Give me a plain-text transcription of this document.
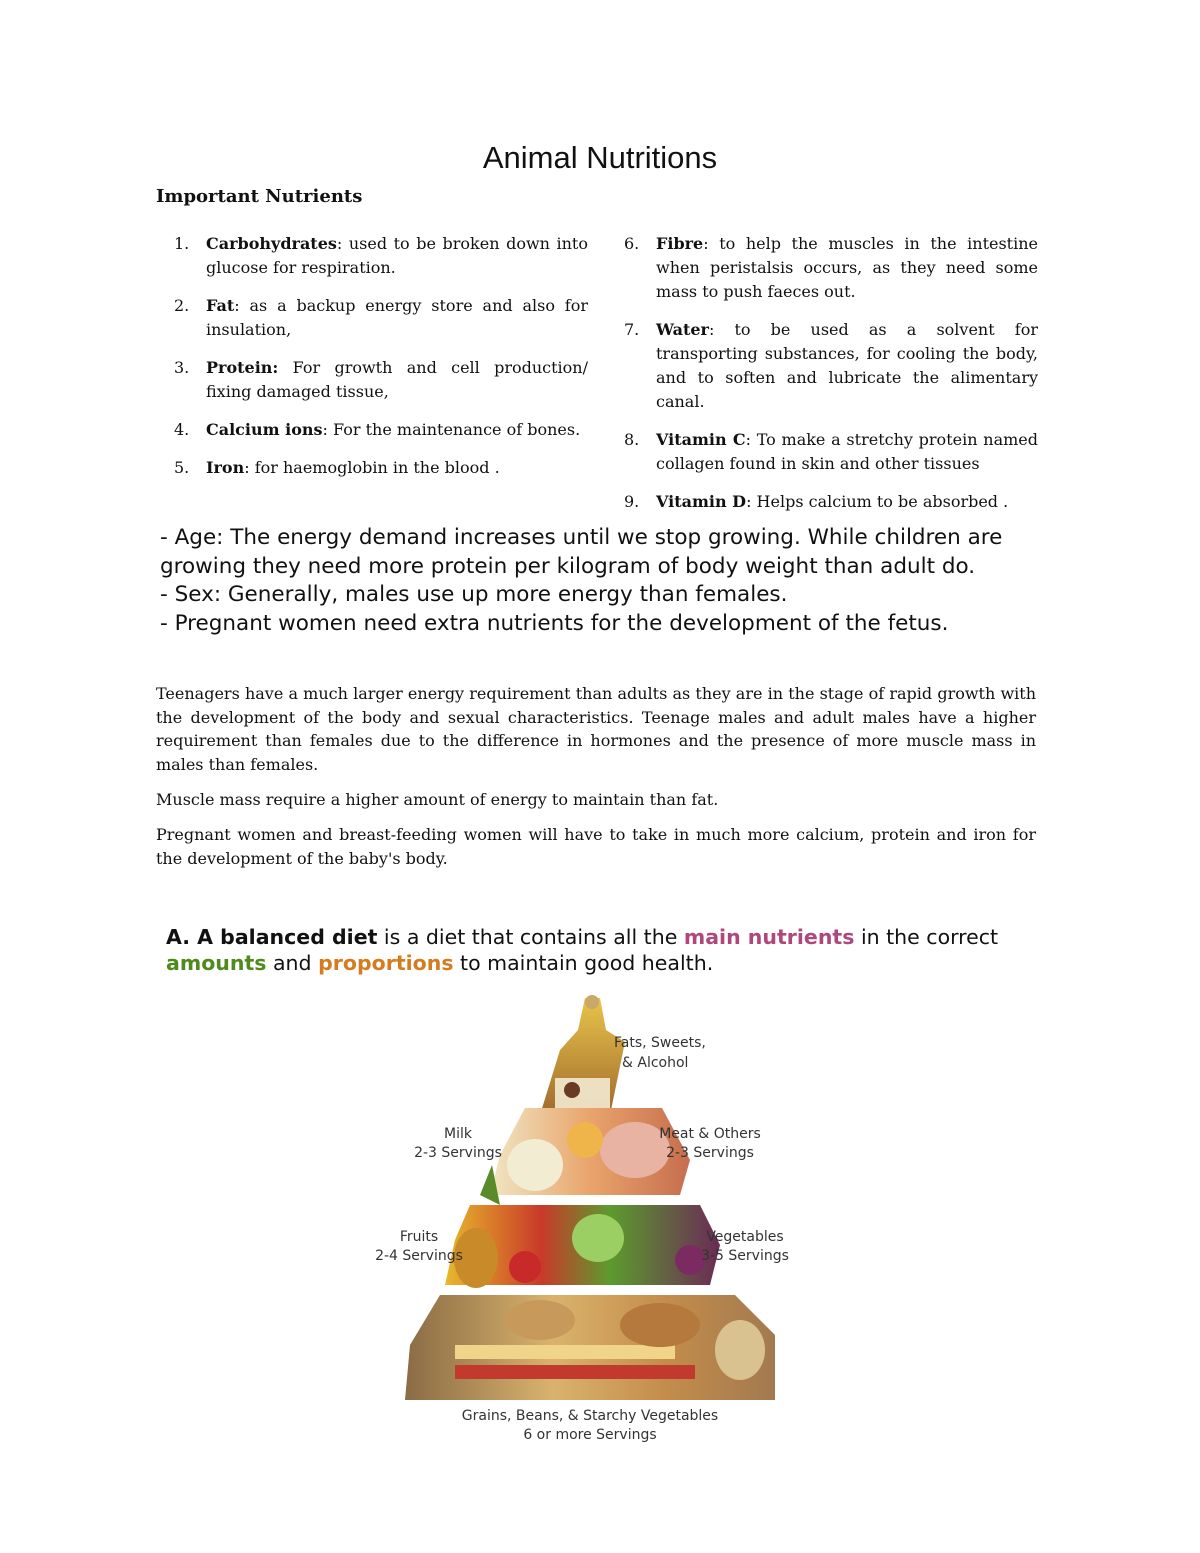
Animal Nutritions
Important Nutrients
1.	Carbohydrates: used to be broken down into glucose for respiration.
2.	Fat: as a backup energy store and also for insulation,
3.	Protein: For growth and cell production/ fixing damaged tissue,
4.	Calcium ions: For the maintenance of bones.
5.	Iron: for haemoglobin in the blood .
6.	Fibre: to help the muscles in the intestine when peristalsis occurs, as they need some mass to push faeces out.
7.	Water: to be used as a solvent for transporting substances, for cooling the body, and to soften and lubricate the alimentary canal.
8.	Vitamin C: To make a stretchy protein named collagen found in skin and other tissues
9.	Vitamin D: Helps calcium to be absorbed .
- Age: The energy demand increases until we stop growing. While children are growing they need more protein per kilogram of body weight than adult do.
- Sex: Generally, males use up more energy than females.
- Pregnant women need extra nutrients for the development of the fetus.
Teenagers have a much larger energy requirement than adults as they are in the stage of rapid growth with the development of the body and sexual characteristics. Teenage males and adult males have a higher requirement than females due to the difference in hormones and the presence of more muscle mass in males than females.
Muscle mass require a higher amount of energy to maintain than fat.
Pregnant women and breast-feeding women will have to take in much more calcium, protein and iron for the development of the baby's body.
A. A balanced diet is a diet that contains all the main nutrients in the correct amounts and proportions to maintain good health.
Fats, Sweets,
& Alcohol
Milk
2-3 Servings
Meat & Others
2-3 Servings
Fruits
2-4 Servings
Vegetables
3-5 Servings
Grains, Beans, & Starchy Vegetables
6 or more Servings
